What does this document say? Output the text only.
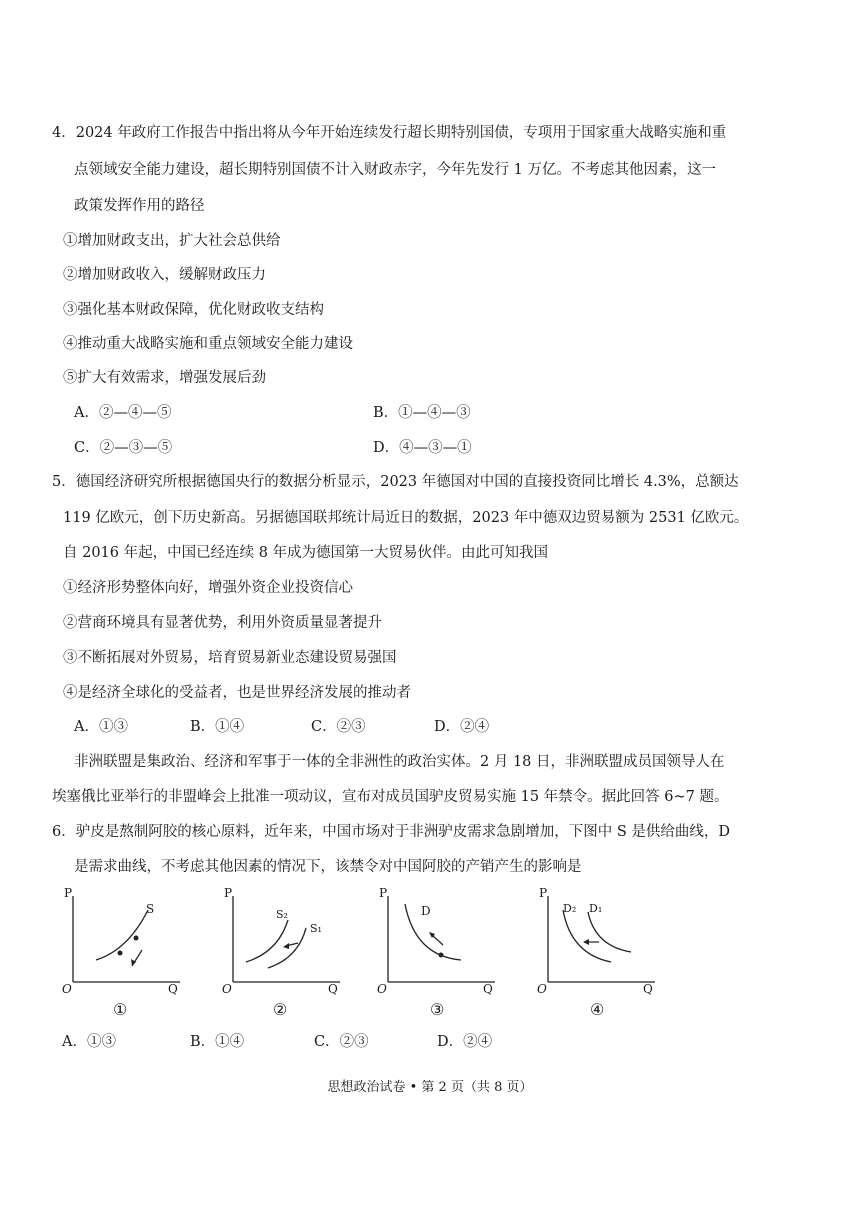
4．2024 年政府工作报告中指出将从今年开始连续发行超长期特别国债，专项用于国家重大战略实施和重
点领域安全能力建设，超长期特别国债不计入财政赤字，今年先发行 1 万亿。不考虑其他因素，这一
政策发挥作用的路径
①增加财政支出，扩大社会总供给
②增加财政收入，缓解财政压力
③强化基本财政保障，优化财政收支结构
④推动重大战略实施和重点领域安全能力建设
⑤扩大有效需求，增强发展后劲
A．②—④—⑤	B．①—④—③
C．②—③—⑤	D．④—③—①
5．德国经济研究所根据德国央行的数据分析显示，2023 年德国对中国的直接投资同比增长 4.3%，总额达
119 亿欧元，创下历史新高。另据德国联邦统计局近日的数据，2023 年中德双边贸易额为 2531 亿欧元。
自 2016 年起，中国已经连续 8 年成为德国第一大贸易伙伴。由此可知我国
①经济形势整体向好，增强外资企业投资信心
②营商环境具有显著优势，利用外资质量显著提升
③不断拓展对外贸易，培育贸易新业态建设贸易强国
④是经济全球化的受益者，也是世界经济发展的推动者
A．①③	B．①④	C．②③	D．②④
非洲联盟是集政治、经济和军事于一体的全非洲性的政治实体。2 月 18 日，非洲联盟成员国领导人在
埃塞俄比亚举行的非盟峰会上批准一项动议，宣布对成员国驴皮贸易实施 15 年禁令。据此回答 6~7 题。
6．驴皮是熬制阿胶的核心原料，近年来，中国市场对于非洲驴皮需求急剧增加，下图中 S 是供给曲线，D
是需求曲线，不考虑其他因素的情况下，该禁令对中国阿胶的产销产生的影响是
P
Q
O
S
①
P
Q
O
S₂
S₁
②
P
Q
O
D
③
P
Q
O
D₂ D₁
④
A．①③	B．①④	C．②③	D．②④
思想政治试卷 • 第 2 页（共 8 页）
